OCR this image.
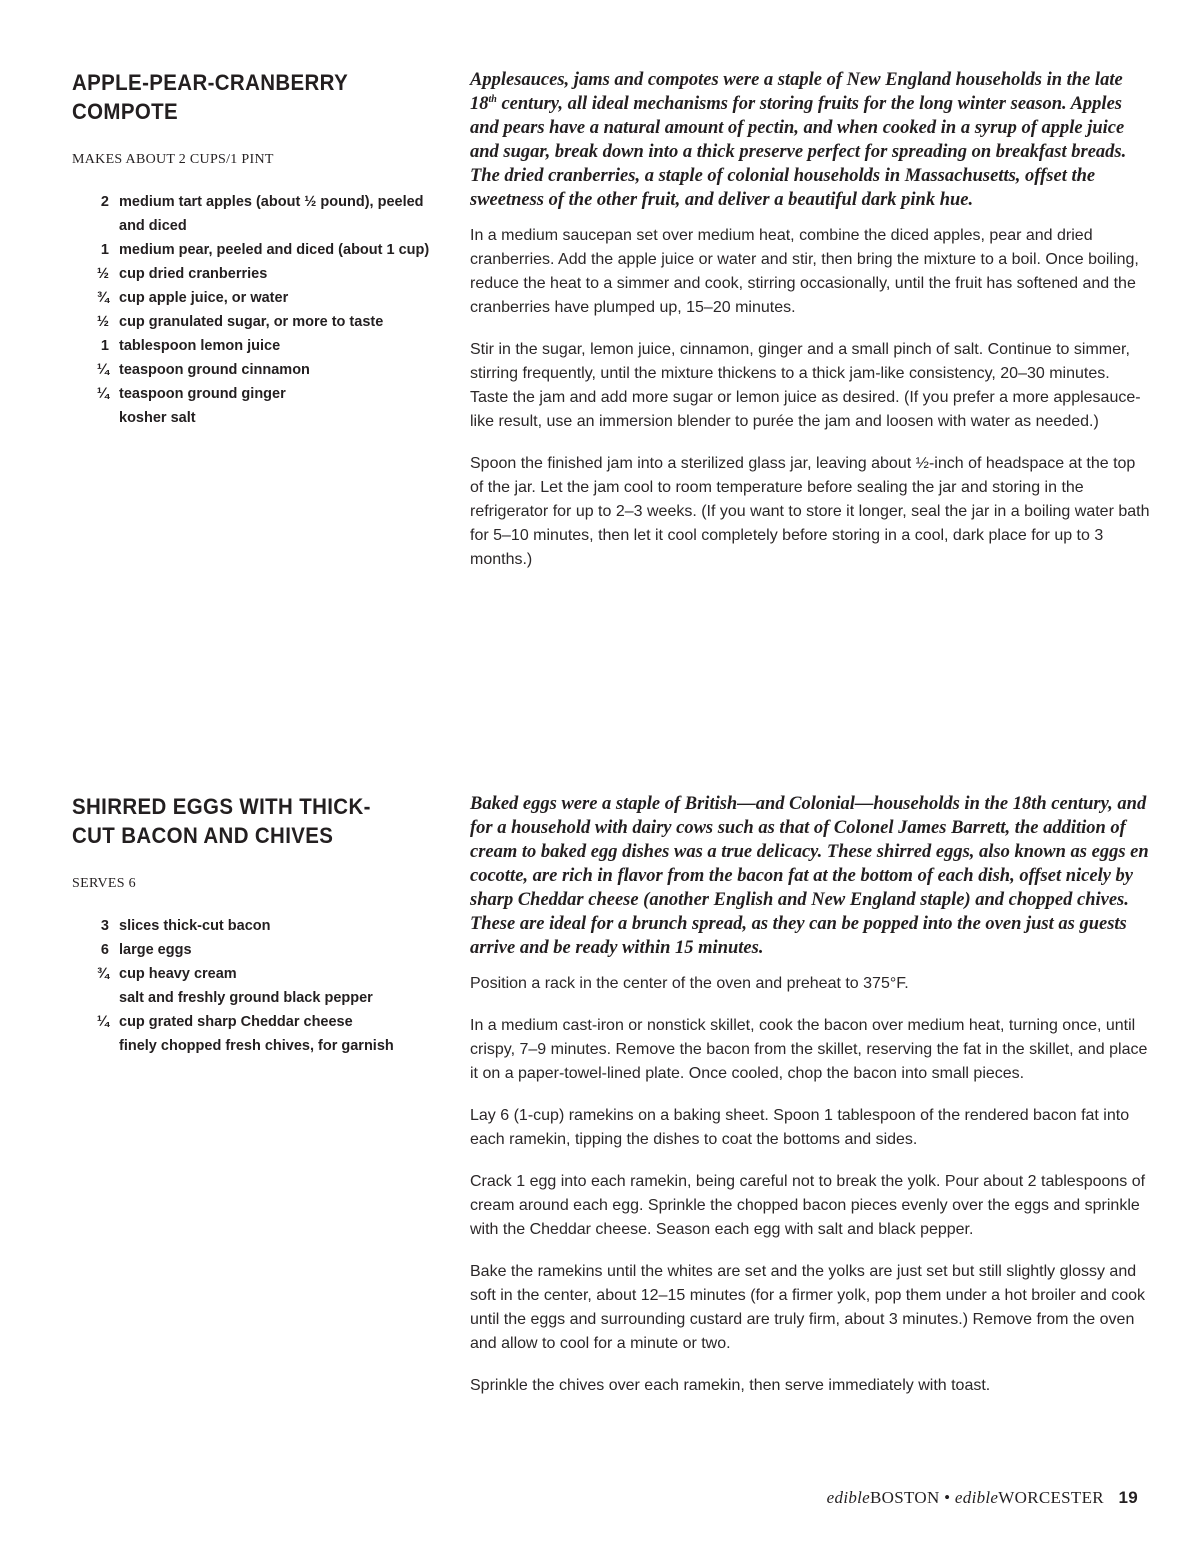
APPLE-PEAR-CRANBERRY COMPOTE
MAKES ABOUT 2 CUPS/1 PINT
2 medium tart apples (about ½ pound), peeled and diced
1 medium pear, peeled and diced (about 1 cup)
½ cup dried cranberries
¾ cup apple juice, or water
½ cup granulated sugar, or more to taste
1 tablespoon lemon juice
¼ teaspoon ground cinnamon
¼ teaspoon ground ginger
kosher salt

Applesauces, jams and compotes were a staple of New England households in the late 18th century, all ideal mechanisms for storing fruits for the long winter season. Apples and pears have a natural amount of pectin, and when cooked in a syrup of apple juice and sugar, break down into a thick preserve perfect for spreading on breakfast breads. The dried cranberries, a staple of colonial households in Massachusetts, offset the sweetness of the other fruit, and deliver a beautiful dark pink hue.

In a medium saucepan set over medium heat, combine the diced apples, pear and dried cranberries. Add the apple juice or water and stir, then bring the mixture to a boil. Once boiling, reduce the heat to a simmer and cook, stirring occasionally, until the fruit has softened and the cranberries have plumped up, 15–20 minutes.

Stir in the sugar, lemon juice, cinnamon, ginger and a small pinch of salt. Continue to simmer, stirring frequently, until the mixture thickens to a thick jam-like consistency, 20–30 minutes. Taste the jam and add more sugar or lemon juice as desired. (If you prefer a more applesauce-like result, use an immersion blender to purée the jam and loosen with water as needed.)

Spoon the finished jam into a sterilized glass jar, leaving about ½-inch of headspace at the top of the jar. Let the jam cool to room temperature before sealing the jar and storing in the refrigerator for up to 2–3 weeks. (If you want to store it longer, seal the jar in a boiling water bath for 5–10 minutes, then let it cool completely before storing in a cool, dark place for up to 3 months.)

SHIRRED EGGS WITH THICK-CUT BACON AND CHIVES
SERVES 6
3 slices thick-cut bacon
6 large eggs
¾ cup heavy cream
salt and freshly ground black pepper
¼ cup grated sharp Cheddar cheese
finely chopped fresh chives, for garnish

Baked eggs were a staple of British—and Colonial—households in the 18th century, and for a household with dairy cows such as that of Colonel James Barrett, the addition of cream to baked egg dishes was a true delicacy. These shirred eggs, also known as eggs en cocotte, are rich in flavor from the bacon fat at the bottom of each dish, offset nicely by sharp Cheddar cheese (another English and New England staple) and chopped chives. These are ideal for a brunch spread, as they can be popped into the oven just as guests arrive and be ready within 15 minutes.

Position a rack in the center of the oven and preheat to 375°F.

In a medium cast-iron or nonstick skillet, cook the bacon over medium heat, turning once, until crispy, 7–9 minutes. Remove the bacon from the skillet, reserving the fat in the skillet, and place it on a paper-towel-lined plate. Once cooled, chop the bacon into small pieces.

Lay 6 (1-cup) ramekins on a baking sheet. Spoon 1 tablespoon of the rendered bacon fat into each ramekin, tipping the dishes to coat the bottoms and sides.

Crack 1 egg into each ramekin, being careful not to break the yolk. Pour about 2 tablespoons of cream around each egg. Sprinkle the chopped bacon pieces evenly over the eggs and sprinkle with the Cheddar cheese. Season each egg with salt and black pepper.

Bake the ramekins until the whites are set and the yolks are just set but still slightly glossy and soft in the center, about 12–15 minutes (for a firmer yolk, pop them under a hot broiler and cook until the eggs and surrounding custard are truly firm, about 3 minutes.) Remove from the oven and allow to cool for a minute or two.

Sprinkle the chives over each ramekin, then serve immediately with toast.

edibleBOSTON • edibleWORCESTER 19
